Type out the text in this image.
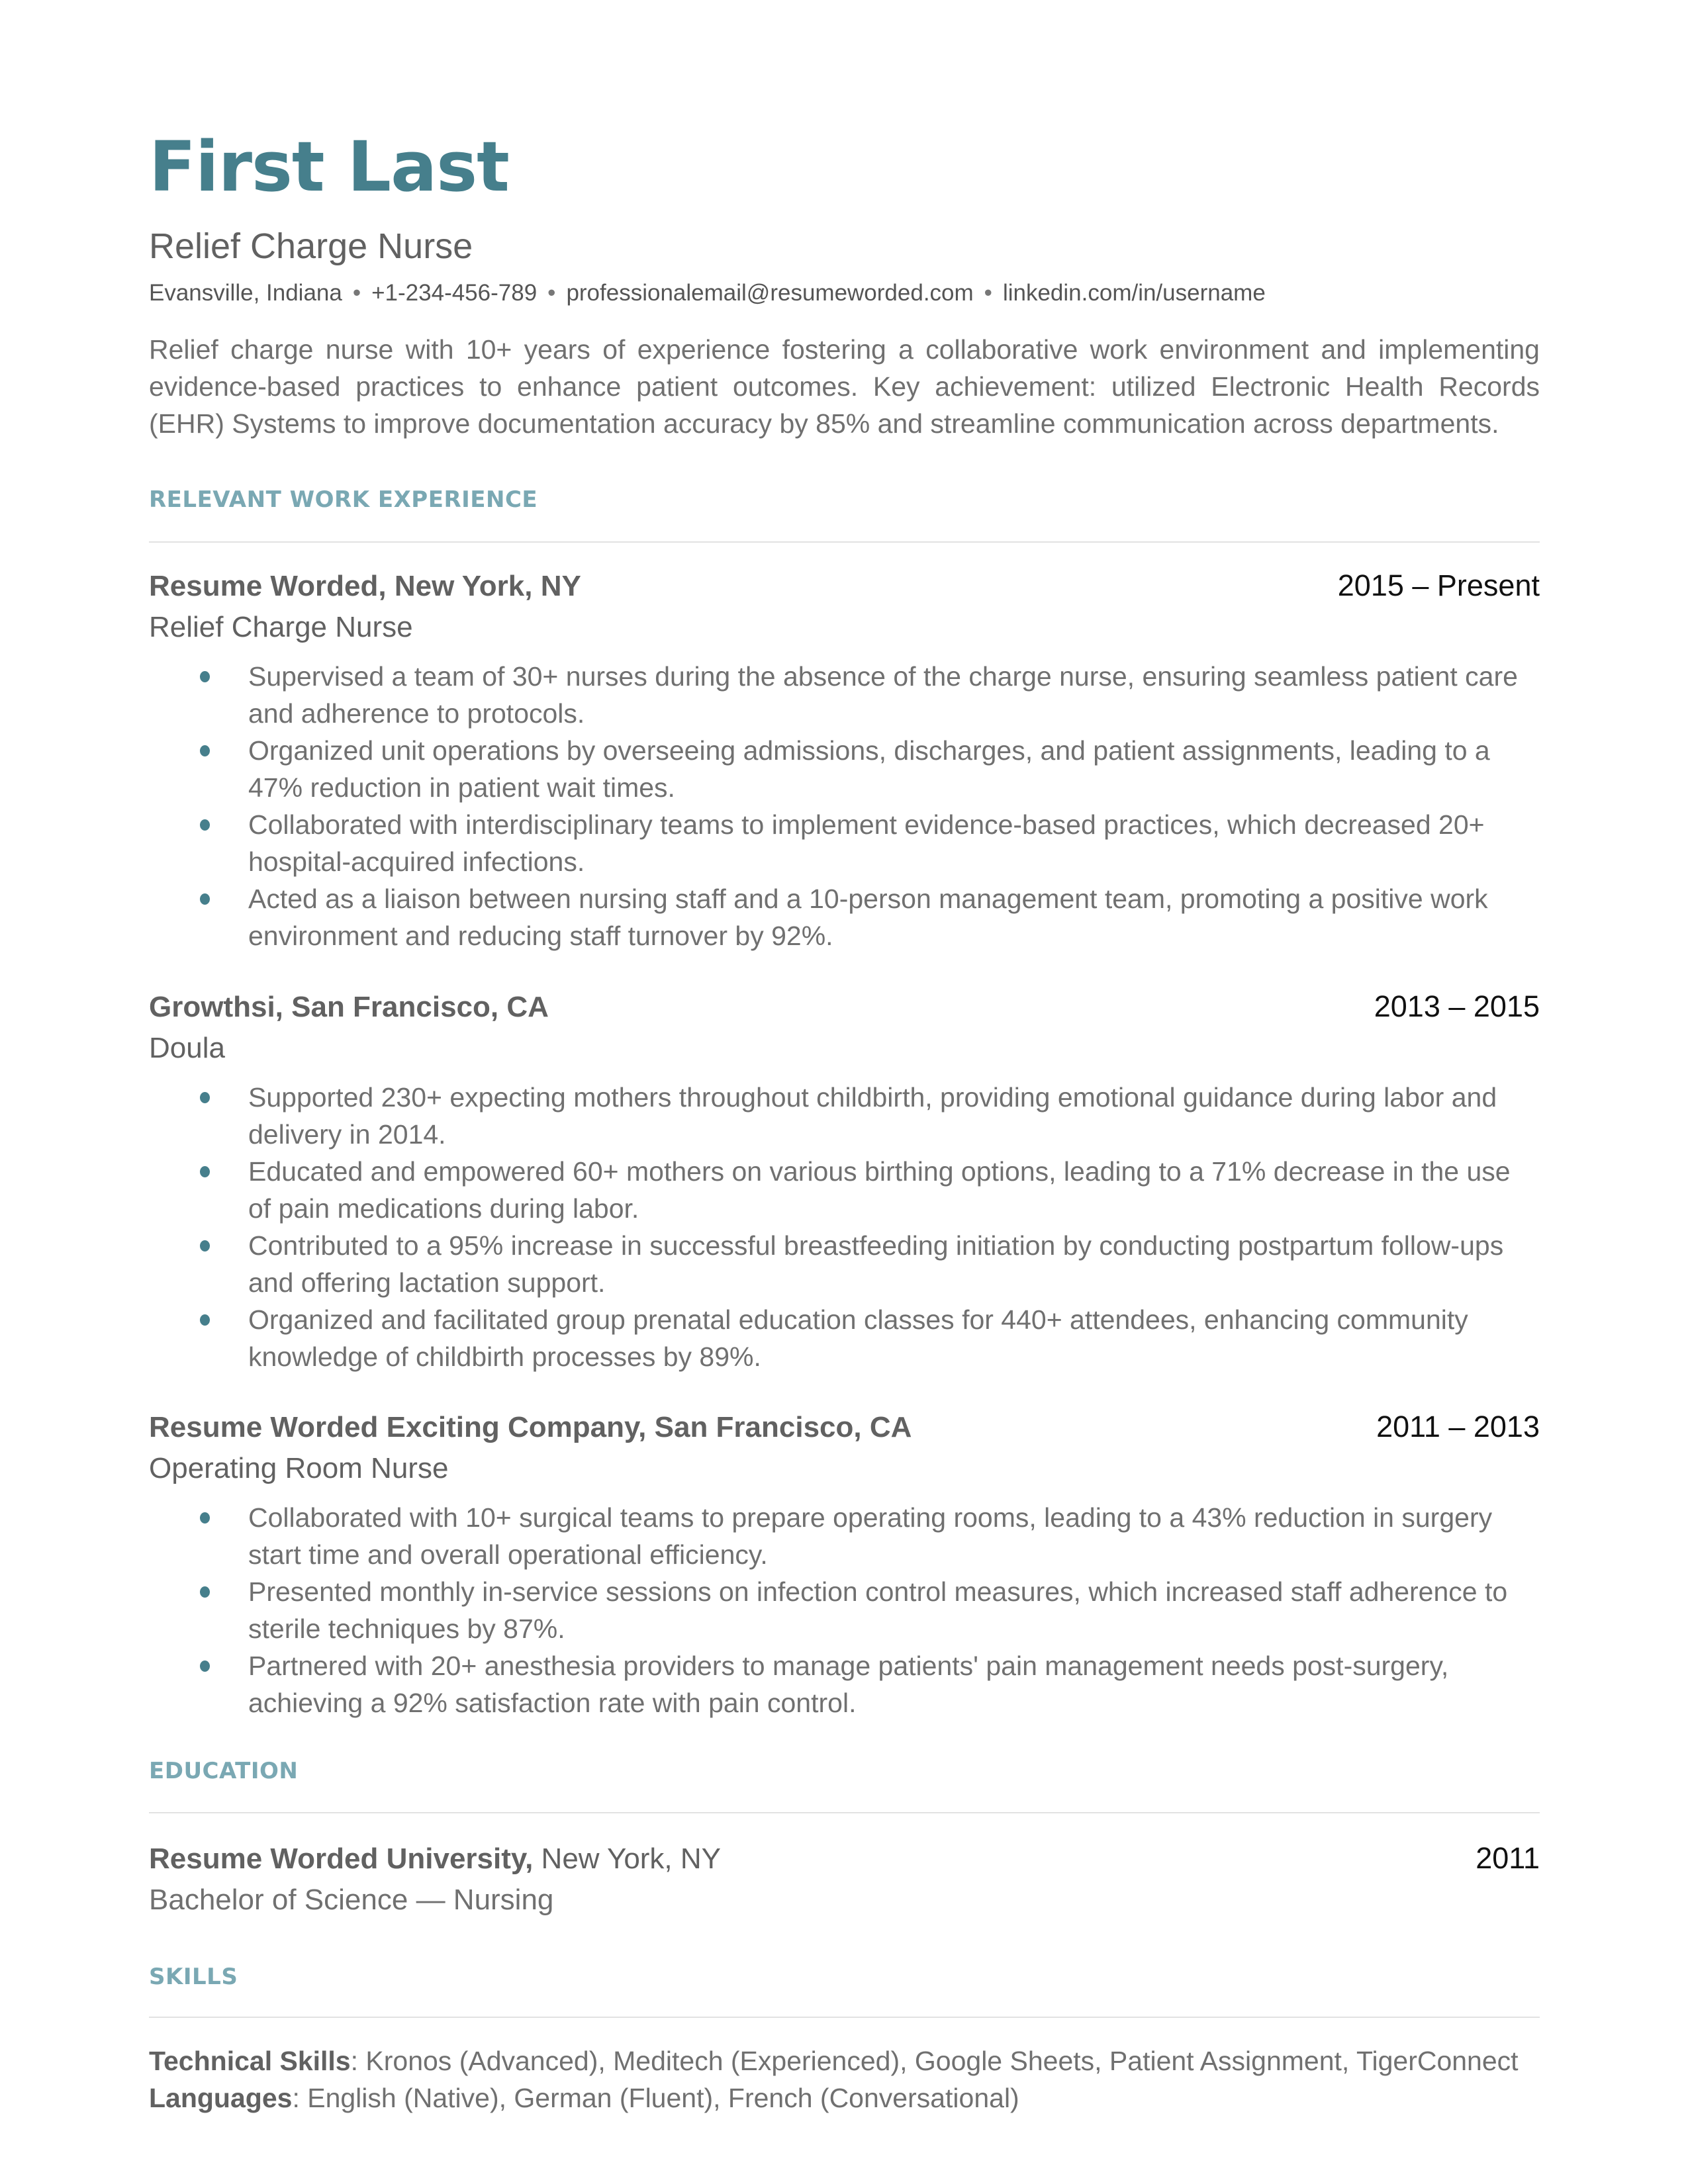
First Last
Relief Charge Nurse
Evansville, Indiana • +1-234-456-789 • professionalemail@resumeworded.com • linkedin.com/in/username
Relief charge nurse with 10+ years of experience fostering a collaborative work environment and implementing evidence-based practices to enhance patient outcomes. Key achievement: utilized Electronic Health Records (EHR) Systems to improve documentation accuracy by 85% and streamline communication across departments.
RELEVANT WORK EXPERIENCE
Resume Worded, New York, NY	2015 – Present
Relief Charge Nurse
Supervised a team of 30+ nurses during the absence of the charge nurse, ensuring seamless patient care and adherence to protocols.
Organized unit operations by overseeing admissions, discharges, and patient assignments, leading to a 47% reduction in patient wait times.
Collaborated with interdisciplinary teams to implement evidence-based practices, which decreased 20+ hospital-acquired infections.
Acted as a liaison between nursing staff and a 10-person management team, promoting a positive work environment and reducing staff turnover by 92%.
Growthsi, San Francisco, CA	2013 – 2015
Doula
Supported 230+ expecting mothers throughout childbirth, providing emotional guidance during labor and delivery in 2014.
Educated and empowered 60+ mothers on various birthing options, leading to a 71% decrease in the use of pain medications during labor.
Contributed to a 95% increase in successful breastfeeding initiation by conducting postpartum follow-ups and offering lactation support.
Organized and facilitated group prenatal education classes for 440+ attendees, enhancing community knowledge of childbirth processes by 89%.
Resume Worded Exciting Company, San Francisco, CA	2011 – 2013
Operating Room Nurse
Collaborated with 10+ surgical teams to prepare operating rooms, leading to a 43% reduction in surgery start time and overall operational efficiency.
Presented monthly in-service sessions on infection control measures, which increased staff adherence to sterile techniques by 87%.
Partnered with 20+ anesthesia providers to manage patients' pain management needs post-surgery, achieving a 92% satisfaction rate with pain control.
EDUCATION
Resume Worded University, New York, NY	2011
Bachelor of Science — Nursing
SKILLS
Technical Skills: Kronos (Advanced), Meditech (Experienced), Google Sheets, Patient Assignment, TigerConnect
Languages: English (Native), German (Fluent), French (Conversational)
